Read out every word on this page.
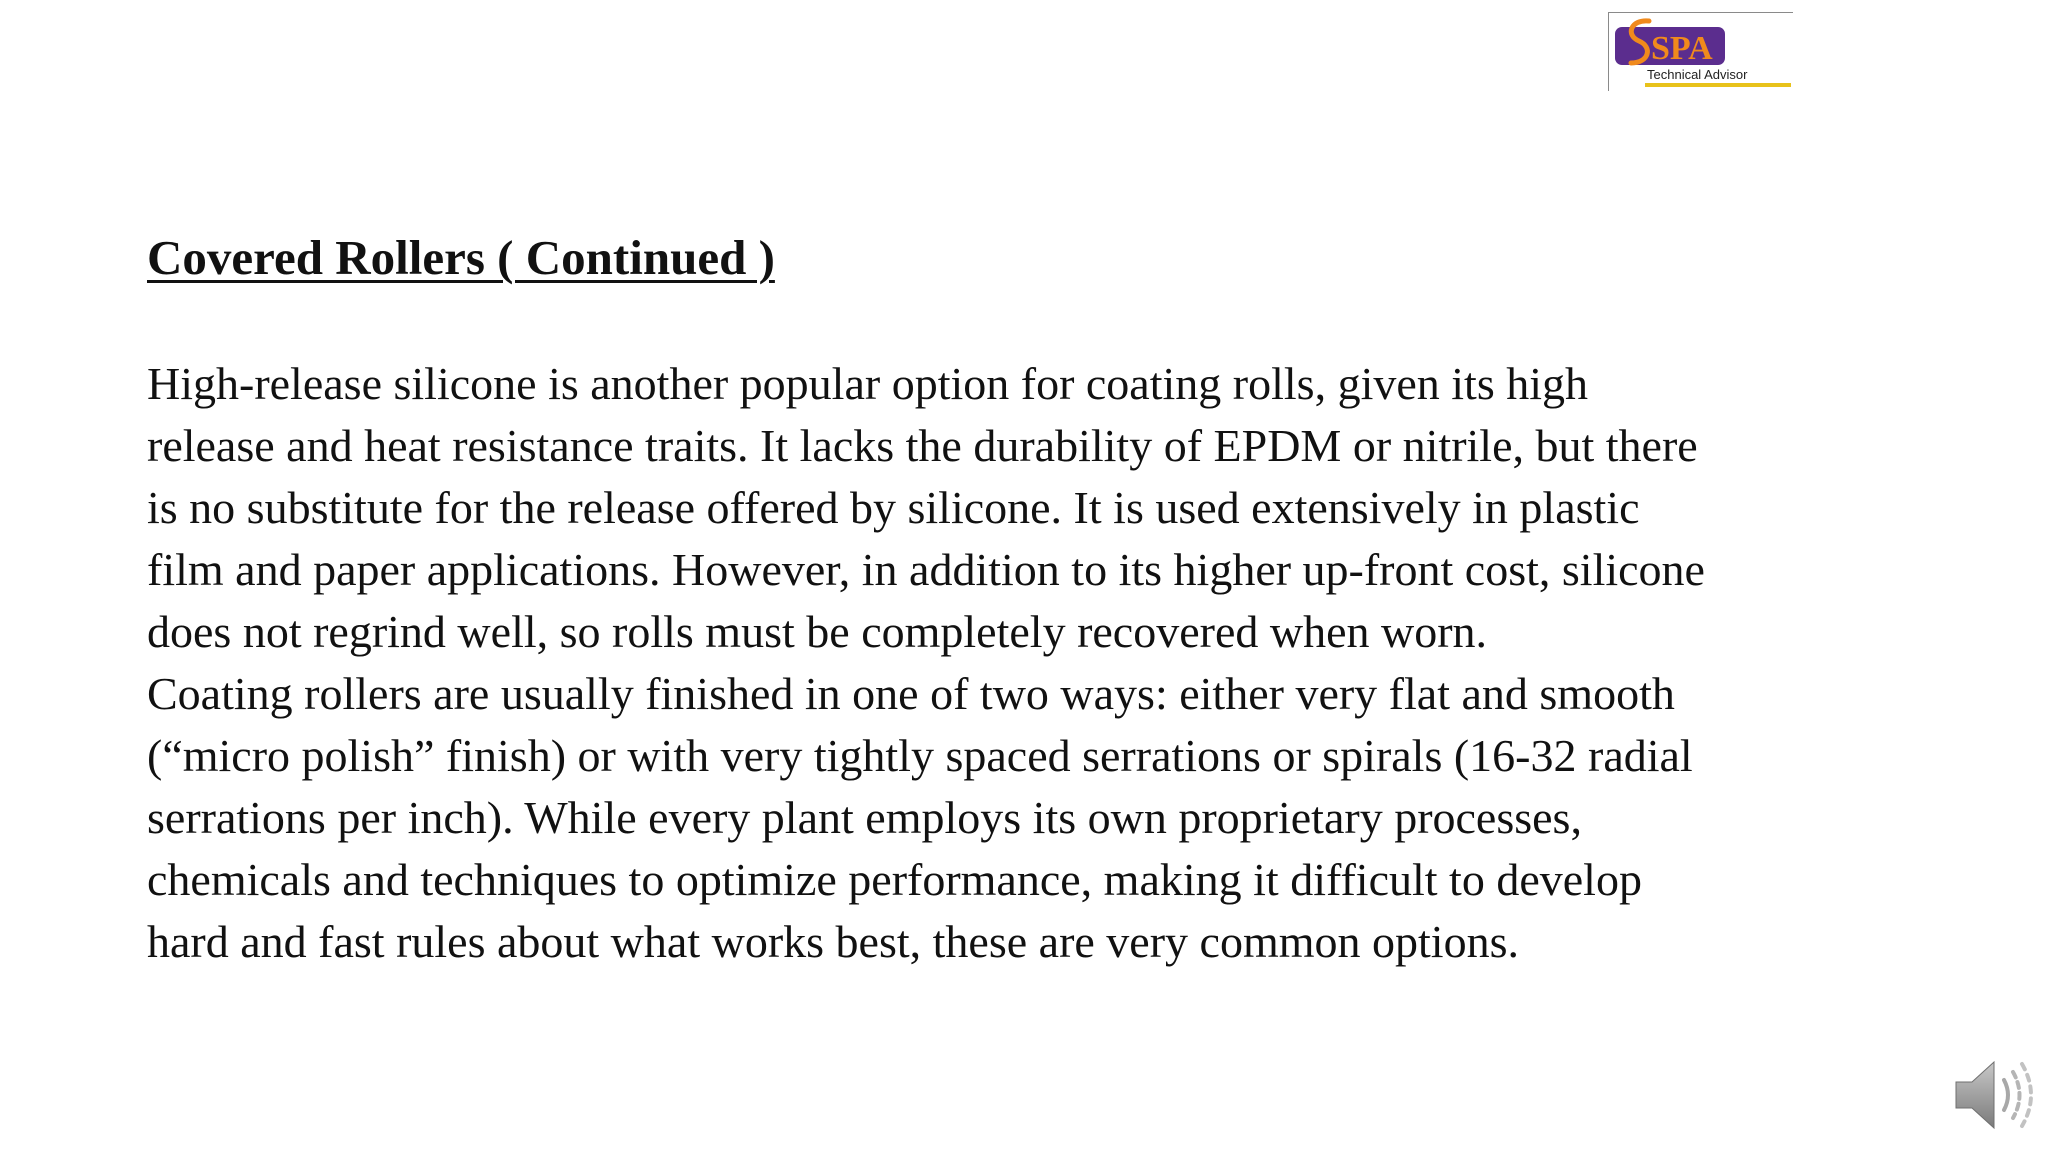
SPA
Technical Advisor
Covered Rollers ( Continued )
High-release silicone is another popular option for coating rolls, given its high
release and heat resistance traits. It lacks the durability of EPDM or nitrile, but there
is no substitute for the release offered by silicone. It is used extensively in plastic
film and paper applications. However, in addition to its higher up-front cost, silicone
does not regrind well, so rolls must be completely recovered when worn.
Coating rollers are usually finished in one of two ways: either very flat and smooth
(“micro polish” finish) or with very tightly spaced serrations or spirals (16-32 radial
serrations per inch). While every plant employs its own proprietary processes,
chemicals and techniques to optimize performance, making it difficult to develop
hard and fast rules about what works best, these are very common options.
